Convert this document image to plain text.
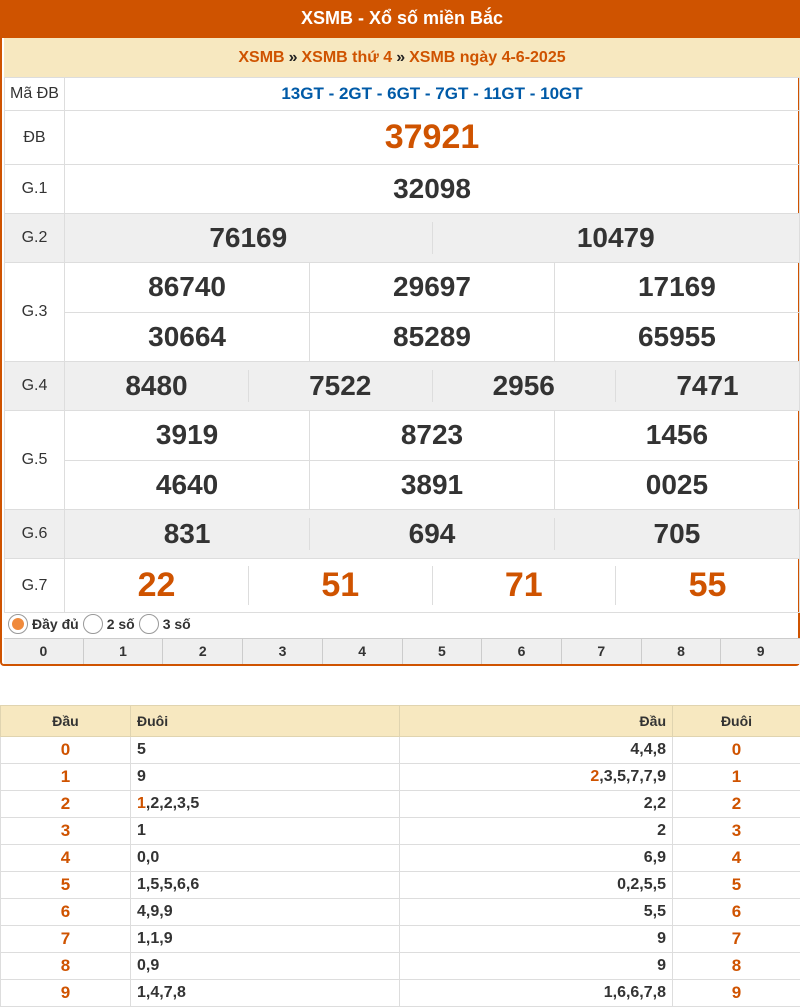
XSMB - Xổ số miền Bắc
XSMB » XSMB thứ 4 » XSMB ngày 4-6-2025
Mã ĐB	13GT - 2GT - 6GT - 7GT - 11GT - 10GT
ĐB	37921
G.1	32098
G.2		76169	10479

G.3	
86740	29697	17169
30664	85289	65955

G.4		8480	7522	2956	7471

G.5	
3919	8723	1456
4640	3891	0025

G.6		831	694	705

G.7		22	51	71	55
Đầy đủ 2 số 3 số
0	1	2	3	4	5	6	7	8	9
Đầu	Đuôi	Đầu	Đuôi
0	5	4,4,8	0
1	9	2,3,5,7,7,9	1
2	1,2,2,3,5	2,2	2
3	1	2	3
4	0,0	6,9	4
5	1,5,5,6,6	0,2,5,5	5
6	4,9,9	5,5	6
7	1,1,9	9	7
8	0,9	9	8
9	1,4,7,8	1,6,6,7,8	9
